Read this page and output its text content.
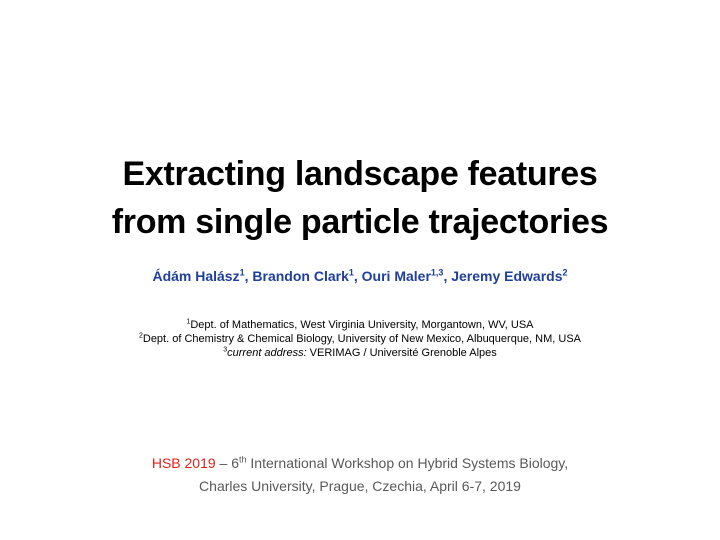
Extracting landscape features
from single particle trajectories
Ádám Halász$^1$, Brandon Clark$^1$, Ouri Maler$^{1,3}$, Jeremy Edwards$^2$
$^1$Dept. of Mathematics, West Virginia University, Morgantown, WV, USA
$^2$Dept. of Chemistry & Chemical Biology, University of New Mexico, Albuquerque, NM, USA
$^3$current address: VERIMAG / Université Grenoble Alpes
HSB 2019 – 6th International Workshop on Hybrid Systems Biology,
Charles University, Prague, Czechia, April 6-7, 2019
